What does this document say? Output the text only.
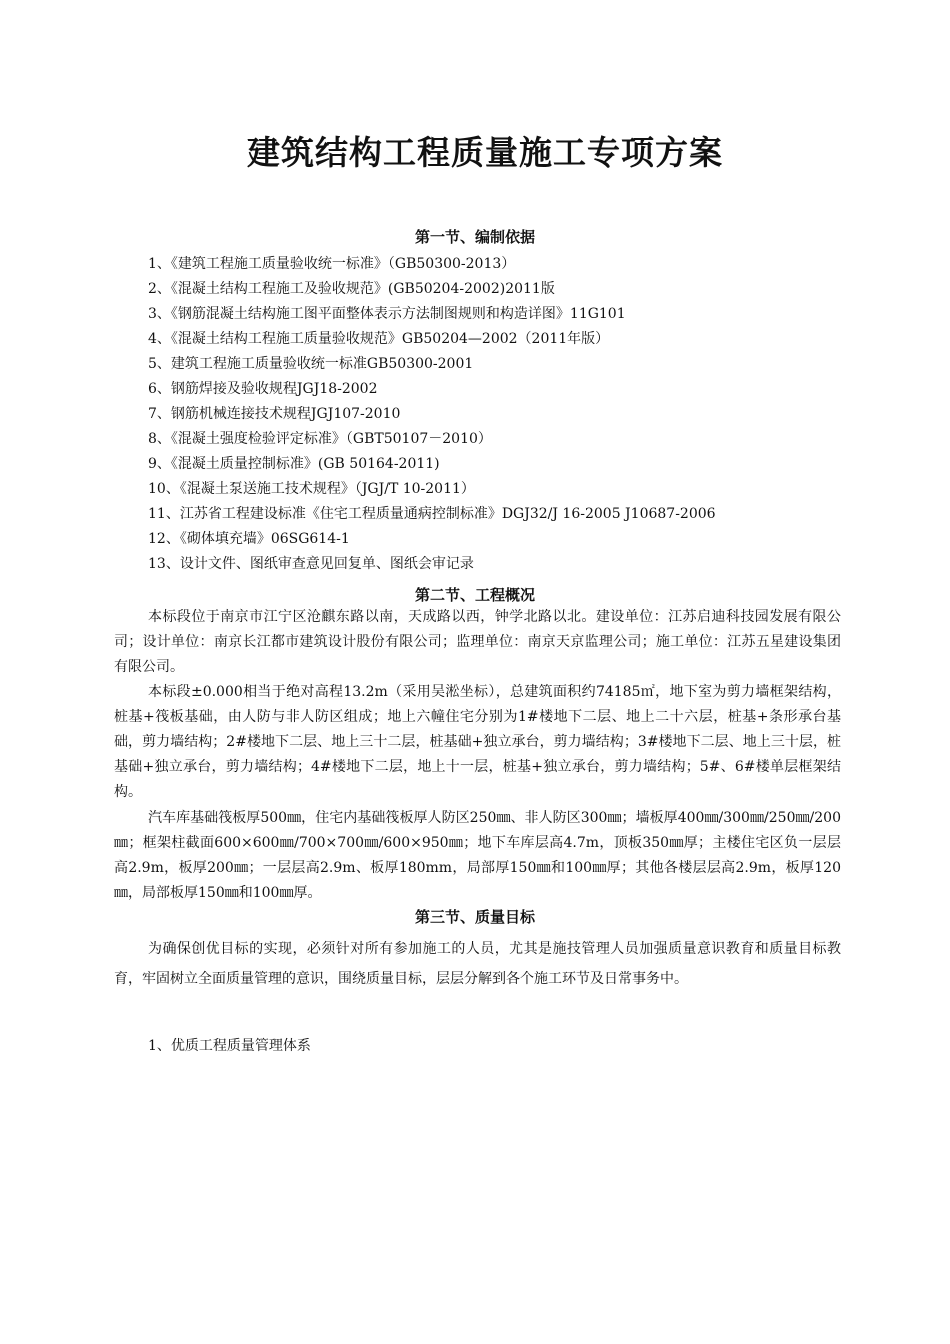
建筑结构工程质量施工专项方案
第一节、编制依据
1、《建筑工程施工质量验收统一标准》（GB50300-2013）
2、《混凝土结构工程施工及验收规范》(GB50204-2002)2011版
3、《钢筋混凝土结构施工图平面整体表示方法制图规则和构造详图》11G101
4、《混凝土结构工程施工质量验收规范》GB50204—2002（2011年版）
5、建筑工程施工质量验收统一标准GB50300-2001
6、钢筋焊接及验收规程JGJ18-2002
7、钢筋机械连接技术规程JGJ107-2010
8、《混凝土强度检验评定标准》（GBT50107－2010）
9、《混凝土质量控制标准》(GB 50164-2011)
10、《混凝土泵送施工技术规程》（JGJ/T 10-2011）
11、江苏省工程建设标准《住宅工程质量通病控制标准》DGJ32/J 16-2005 J10687-2006
12、《砌体填充墙》06SG614-1
13、设计文件、图纸审查意见回复单、图纸会审记录
第二节、工程概况

本标段位于南京市江宁区沧麒东路以南，天成路以西，钟学北路以北。建设单位：江苏启迪科技园发展有限公司；设计单位：南京长江都市建筑设计股份有限公司；监理单位：南京天京监理公司；施工单位：江苏五星建设集团有限公司。

本标段±0.000相当于绝对高程13.2m（采用吴淞坐标），总建筑面积约74185㎡，地下室为剪力墙框架结构，桩基+筏板基础，由人防与非人防区组成；地上六幢住宅分别为1#楼地下二层、地上二十六层，桩基+条形承台基础，剪力墙结构；2#楼地下二层、地上三十二层，桩基础+独立承台，剪力墙结构；3#楼地下二层、地上三十层，桩基础+独立承台，剪力墙结构；4#楼地下二层，地上十一层，桩基+独立承台，剪力墙结构；5#、6#楼单层框架结构。

汽车库基础筏板厚500㎜，住宅内基础筏板厚人防区250㎜、非人防区300㎜；墙板厚400㎜/300㎜/250㎜/200㎜；框架柱截面600×600㎜/700×700㎜/600×950㎜；地下车库层高4.7m，顶板350㎜厚；主楼住宅区负一层层高2.9m，板厚200㎜；一层层高2.9m、板厚180mm，局部厚150㎜和100㎜厚；其他各楼层层高2.9m，板厚120㎜，局部板厚150㎜和100㎜厚。

第三节、质量目标

为确保创优目标的实现，必须针对所有参加施工的人员，尤其是施技管理人员加强质量意识教育和质量目标教育，牢固树立全面质量管理的意识，围绕质量目标，层层分解到各个施工环节及日常事务中。

1、优质工程质量管理体系
